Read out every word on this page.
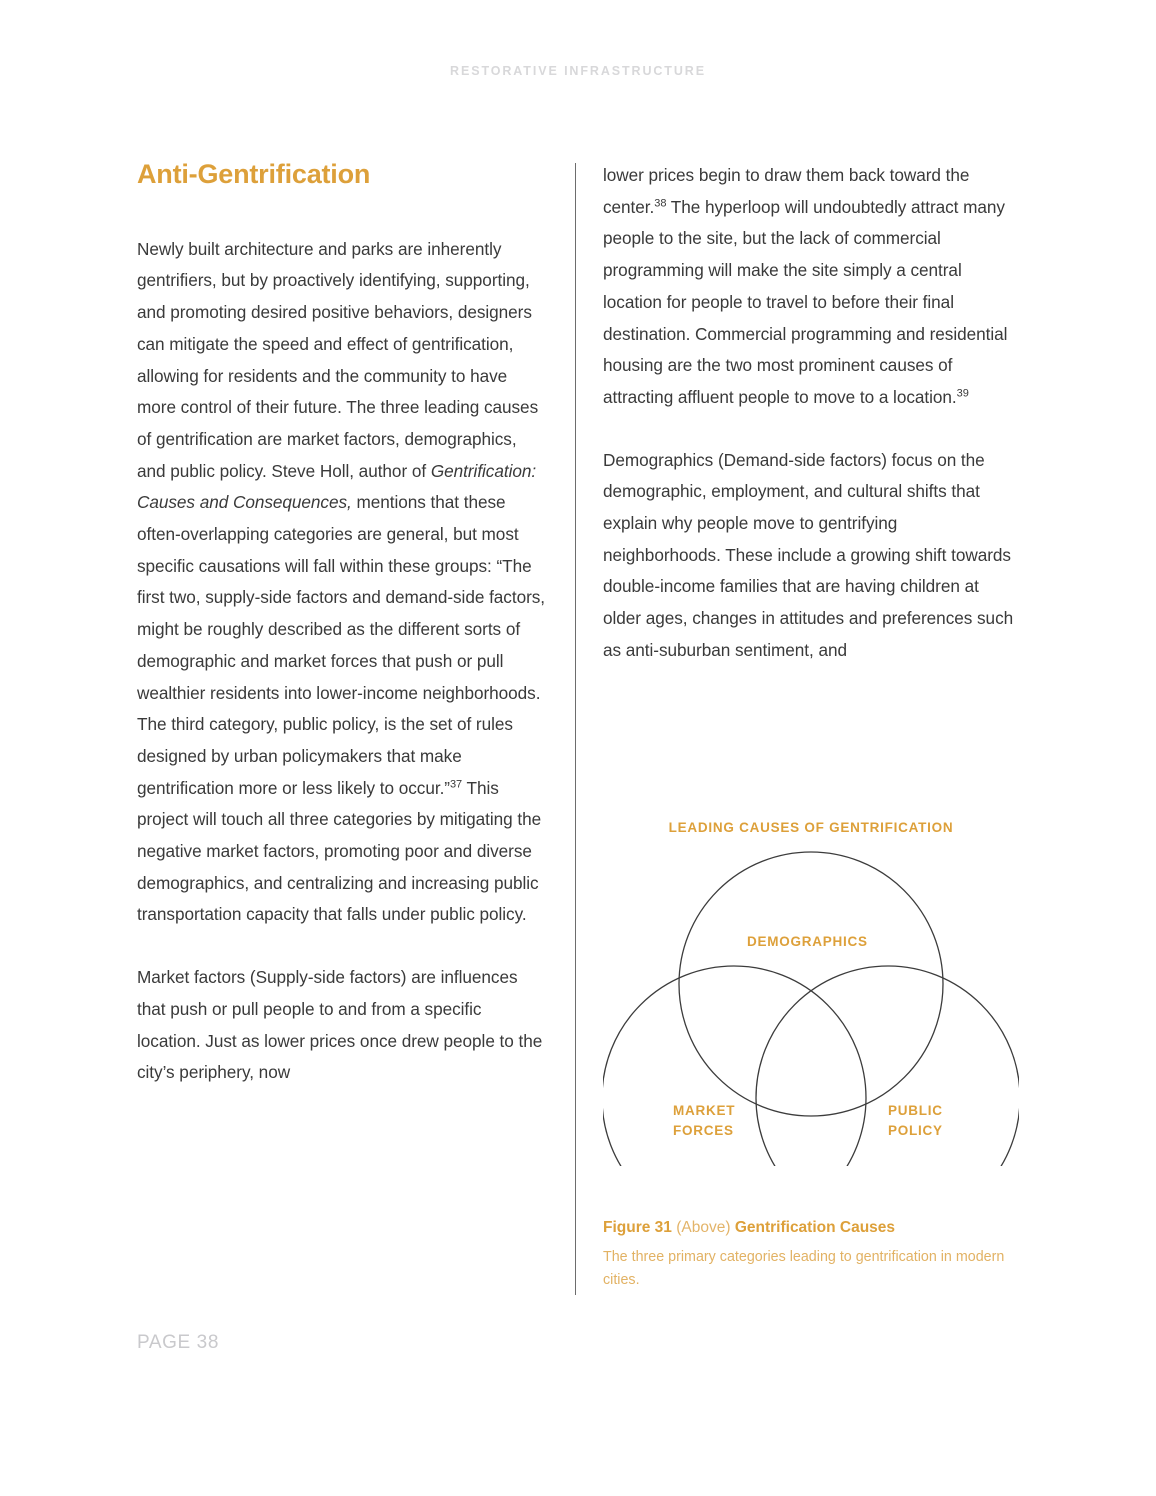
RESTORATIVE INFRASTRUCTURE
Anti-Gentrification

Newly built architecture and parks are inherently gentrifiers, but by proactively identifying, supporting, and promoting desired positive behaviors, designers can mitigate the speed and effect of gentrification, allowing for residents and the community to have more control of their future. The three leading causes of gentrification are market factors, demographics, and public policy. Steve Holl, author of Gentrification: Causes and Consequences, mentions that these often-overlapping categories are general, but most specific causations will fall within these groups: “The first two, supply-side factors and demand-side factors, might be roughly described as the different sorts of demographic and market forces that push or pull wealthier residents into lower-income neighborhoods. The third category, public policy, is the set of rules designed by urban policymakers that make gentrification more or less likely to occur.”$^{37}$ This project will touch all three categories by mitigating the negative market factors, promoting poor and diverse demographics, and centralizing and increasing public transportation capacity that falls under public policy.

Market factors (Supply-side factors) are influences that push or pull people to and from a specific location. Just as lower prices once drew people to the city’s periphery, now

lower prices begin to draw them back toward the center.$^{38}$ The hyperloop will undoubtedly attract many people to the site, but the lack of commercial programming will make the site simply a central location for people to travel to before their final destination. Commercial programming and residential housing are the two most prominent causes of attracting affluent people to move to a location.$^{39}$

Demographics (Demand-side factors) focus on the demographic, employment, and cultural shifts that explain why people move to gentrifying neighborhoods. These include a growing shift towards double-income families that are having children at older ages, changes in attitudes and preferences such as anti-suburban sentiment, and

LEADING CAUSES OF GENTRIFICATION
DEMOGRAPHICS
MARKET
FORCES
PUBLIC
POLICY
Figure 31 (Above) Gentrification Causes
The three primary categories leading to gentrification in modern cities.
PAGE 38
